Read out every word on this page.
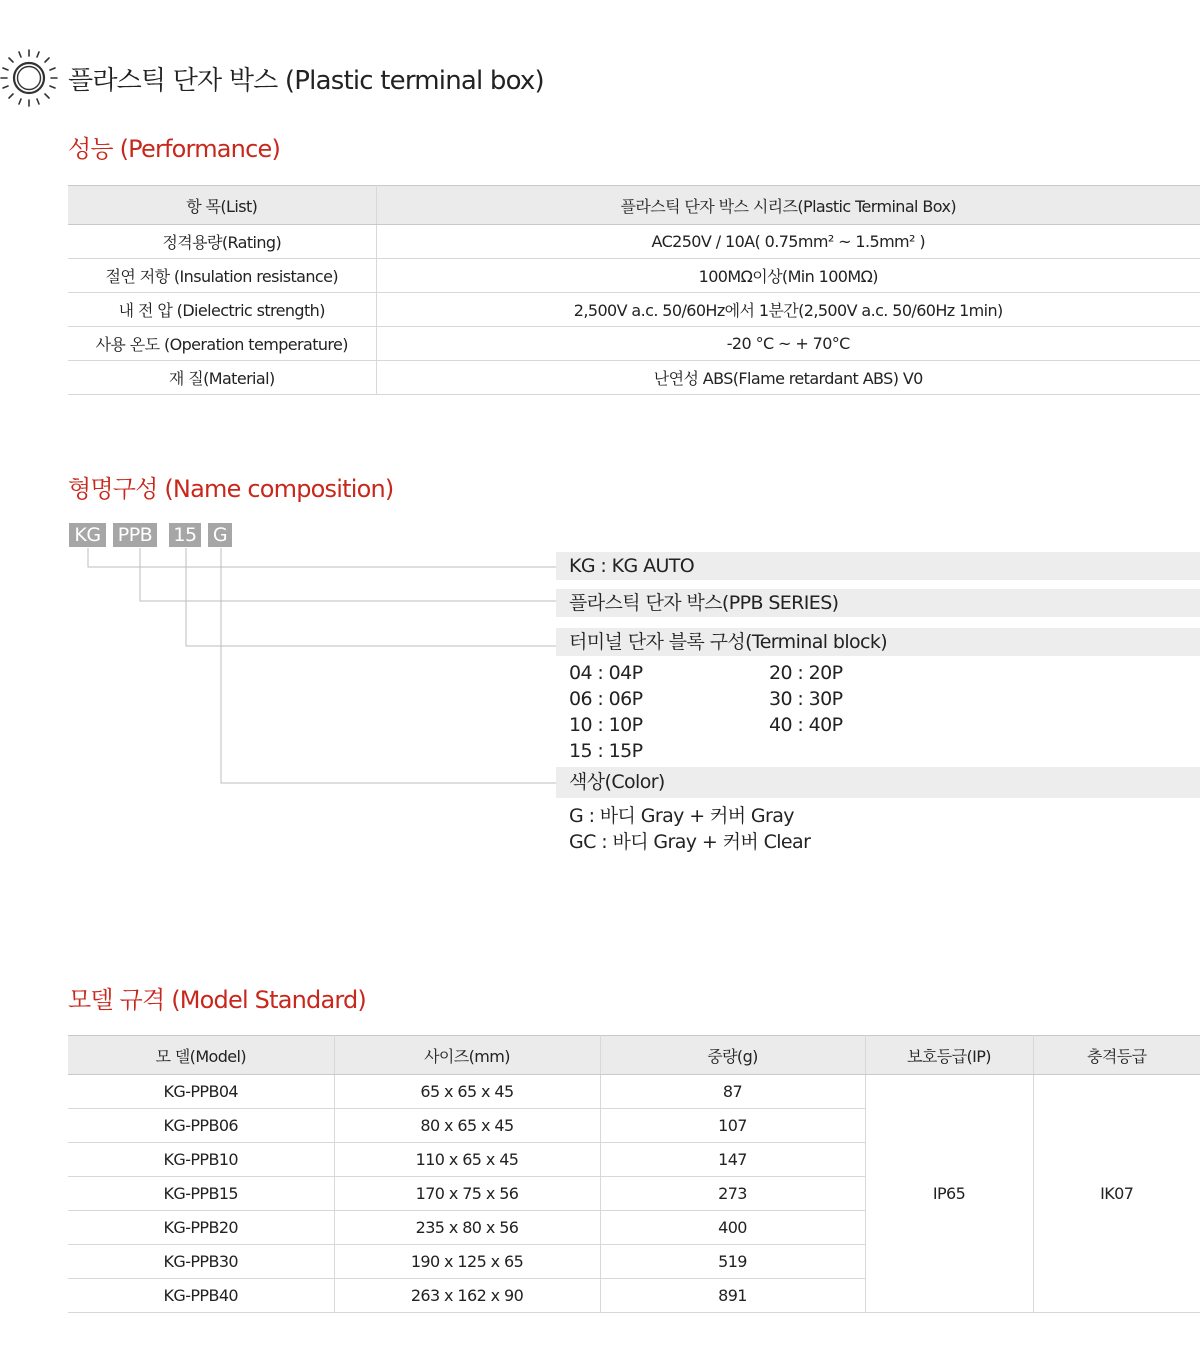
플라스틱 단자 박스 (Plastic terminal box)
성능 (Performance)
항 목(List)	플라스틱 단자 박스 시리즈(Plastic Terminal Box)
정격용량(Rating)	AC250V / 10A( 0.75mm² ~ 1.5mm² )
절연 저항 (Insulation resistance)	100MΩ이상(Min 100MΩ)
내 전 압 (Dielectric strength)	2,500V a.c. 50/60Hz에서 1분간(2,500V a.c. 50/60Hz 1min)
사용 온도 (Operation temperature)	-20 °C ~ + 70°C
재 질(Material)	난연성 ABS(Flame retardant ABS) V0
형명구성 (Name composition)
KG PPB 15 G
KG : KG AUTO
플라스틱 단자 박스(PPB SERIES)
터미널 단자 블록 구성(Terminal block)
04 : 04P
06 : 06P
10 : 10P
15 : 15P
20 : 20P
30 : 30P
40 : 40P
색상(Color)
G : 바디 Gray + 커버 Gray
GC : 바디 Gray + 커버 Clear
모델 규격 (Model Standard)
모 델(Model)	사이즈(mm)	중량(g)	보호등급(IP)	충격등급
KG-PPB04	65 x 65 x 45	87	IP65	IK07
KG-PPB06	80 x 65 x 45	107		
KG-PPB10	110 x 65 x 45	147		
KG-PPB15	170 x 75 x 56	273		
KG-PPB20	235 x 80 x 56	400		
KG-PPB30	190 x 125 x 65	519		
KG-PPB40	263 x 162 x 90	891		
